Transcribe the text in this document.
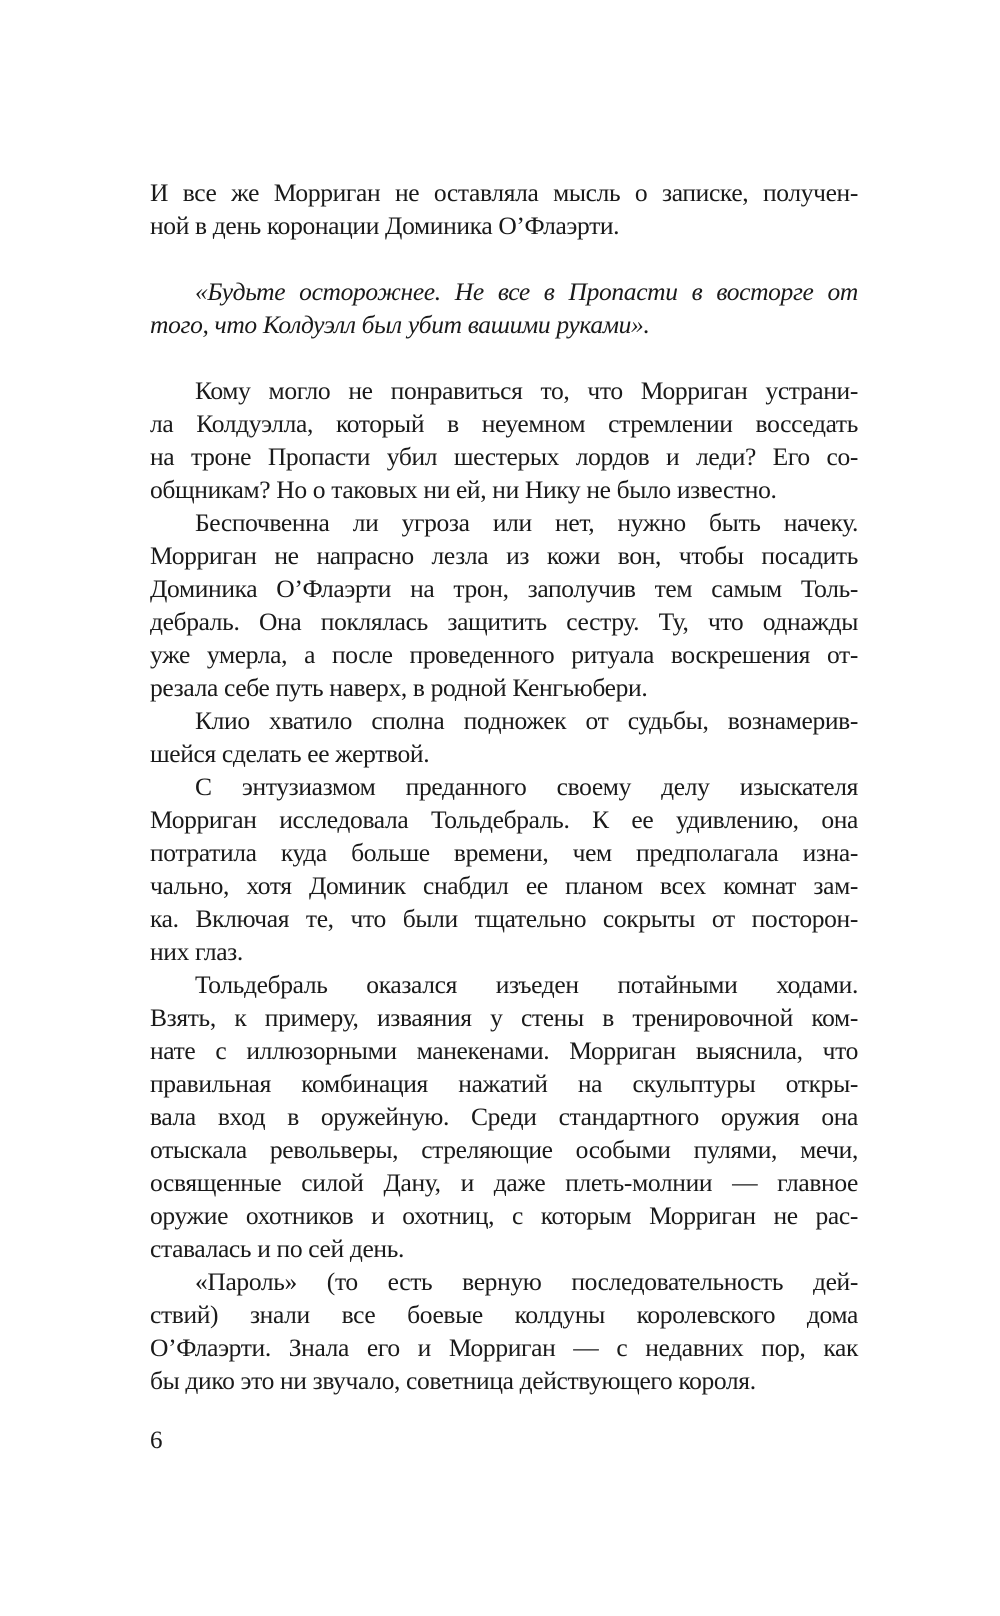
И все же Морриган не оставляла мысль о записке, получен-
ной в день коронации Доминика О’Флаэрти.
«Будьте осторожнее. Не все в Пропасти в восторге от
того, что Колдуэлл был убит вашими руками».
Кому могло не понравиться то, что Морриган устрани-
ла Колдуэлла, который в неуемном стремлении восседать
на троне Пропасти убил шестерых лордов и леди? Его со-
общникам? Но о таковых ни ей, ни Нику не было известно.
Беспочвенна ли угроза или нет, нужно быть начеку.
Морриган не напрасно лезла из кожи вон, чтобы посадить
Доминика О’Флаэрти на трон, заполучив тем самым Толь-
дебраль. Она поклялась защитить сестру. Ту, что однажды
уже умерла, а после проведенного ритуала воскрешения от-
резала себе путь наверх, в родной Кенгьюбери.
Клио хватило сполна подножек от судьбы, вознамерив-
шейся сделать ее жертвой.
С энтузиазмом преданного своему делу изыскателя
Морриган исследовала Тольдебраль. К ее удивлению, она
потратила куда больше времени, чем предполагала изна-
чально, хотя Доминик снабдил ее планом всех комнат зам-
ка. Включая те, что были тщательно сокрыты от посторон-
них глаз.
Тольдебраль оказался изъеден потайными ходами.
Взять, к примеру, изваяния у стены в тренировочной ком-
нате с иллюзорными манекенами. Морриган выяснила, что
правильная комбинация нажатий на скульптуры откры-
вала вход в оружейную. Среди стандартного оружия она
отыскала револьверы, стреляющие особыми пулями, мечи,
освященные силой Дану, и даже плеть-молнии — главное
оружие охотников и охотниц, с которым Морриган не рас-
ставалась и по сей день.
«Пароль» (то есть верную последовательность дей-
ствий) знали все боевые колдуны королевского дома
О’Флаэрти. Знала его и Морриган — с недавних пор, как
бы дико это ни звучало, советница действующего короля.
6
